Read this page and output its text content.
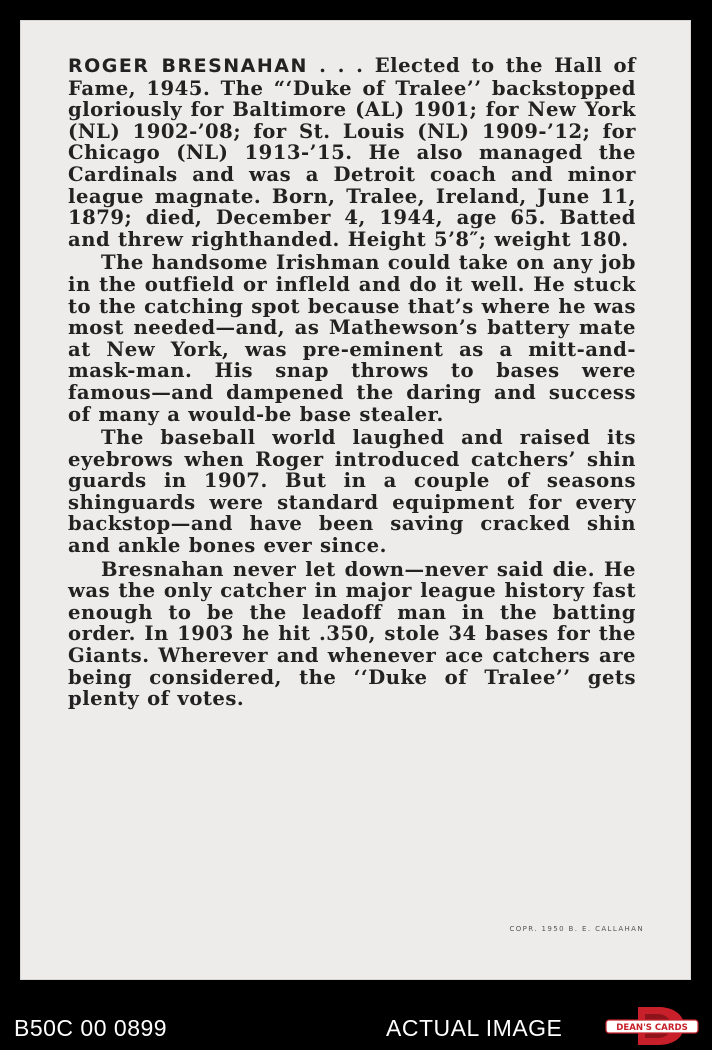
ROGER BRESNAHAN . . . Elected to the Hall of Fame, 1945. The “‘Duke of Tralee’’ backstopped gloriously for Baltimore (AL) 1901; for New York (NL) 1902-’08; for St. Louis (NL) 1909-’12; for Chicago (NL) 1913-’15. He also managed the Cardinals and was a Detroit coach and minor league magnate. Born, Tralee, Ireland, June 11, 1879; died, December 4, 1944, age 65. Batted and threw righthanded. Height 5’8″; weight 180.

The handsome Irishman could take on any job in the outfield or infleld and do it well. He stuck to the catching spot because that’s where he was most needed—and, as Mathewson’s battery mate at New York, was pre-eminent as a mitt-and-mask-man. His snap throws to bases were famous—and dampened the daring and success of many a would-be base stealer.

The baseball world laughed and raised its eyebrows when Roger introduced catchers’ shin guards in 1907. But in a couple of seasons shinguards were standard equipment for every backstop—and have been saving cracked shin and ankle bones ever since.

Bresnahan never let down—never said die. He was the only catcher in major league history fast enough to be the leadoff man in the batting order. In 1903 he hit .350, stole 34 bases for the Giants. Wherever and whenever ace catchers are being considered, the ‘‘Duke of Tralee’’ gets plenty of votes.

COPR. 1950 B. E. CALLAHAN
B50C 00 0899	ACTUAL IMAGE	DEAN'S CARDS
